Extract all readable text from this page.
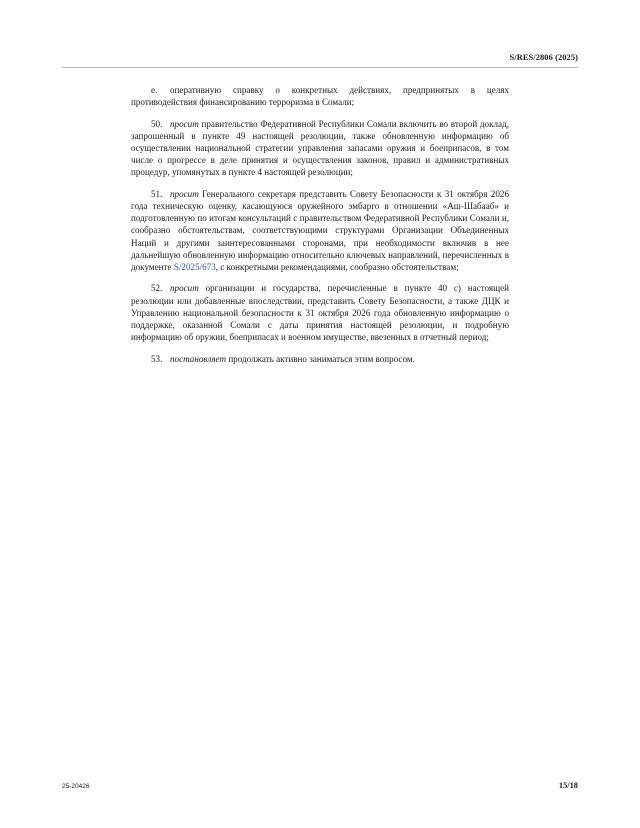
S/RES/2806 (2025)

e. оперативную справку о конкретных действиях, предпринятых в целях противодействия финансированию терроризма в Сомали;

50. просит правительство Федеративной Республики Сомали включить во второй доклад, запрошенный в пункте 49 настоящей резолюции, также обновленную информацию об осуществлении национальной стратегии управления запасами оружия и боеприпасов, в том числе о прогрессе в деле принятия и осуществления законов, правил и административных процедур, упомянутых в пункте 4 настоящей резолюции;

51. просит Генерального секретаря представить Совету Безопасности к 31 октября 2026 года техническую оценку, касающуюся оружейного эмбарго в отношении «Аш-Шабааб» и подготовленную по итогам консультаций с правительством Федеративной Республики Сомали и, сообразно обстоятельствам, соответствующими структурами Организации Объединенных Наций и другими заинтересованными сторонами, при необходимости включив в нее дальнейшую обновленную информацию относительно ключевых направлений, перечисленных в документе S/2025/673, с конкретными рекомендациями, сообразно обстоятельствам;

52. просит организации и государства, перечисленные в пункте 40 c) настоящей резолюции или добавленные впоследствии, представить Совету Безопасности, а также ДЦК и Управлению национальной безопасности к 31 октября 2026 года обновленную информацию о поддержке, оказанной Сомали с даты принятия настоящей резолюции, и подробную информацию об оружии, боеприпасах и военном имуществе, ввезенных в отчетный период;

53. постановляет продолжать активно заниматься этим вопросом.

25-20426	15/18
